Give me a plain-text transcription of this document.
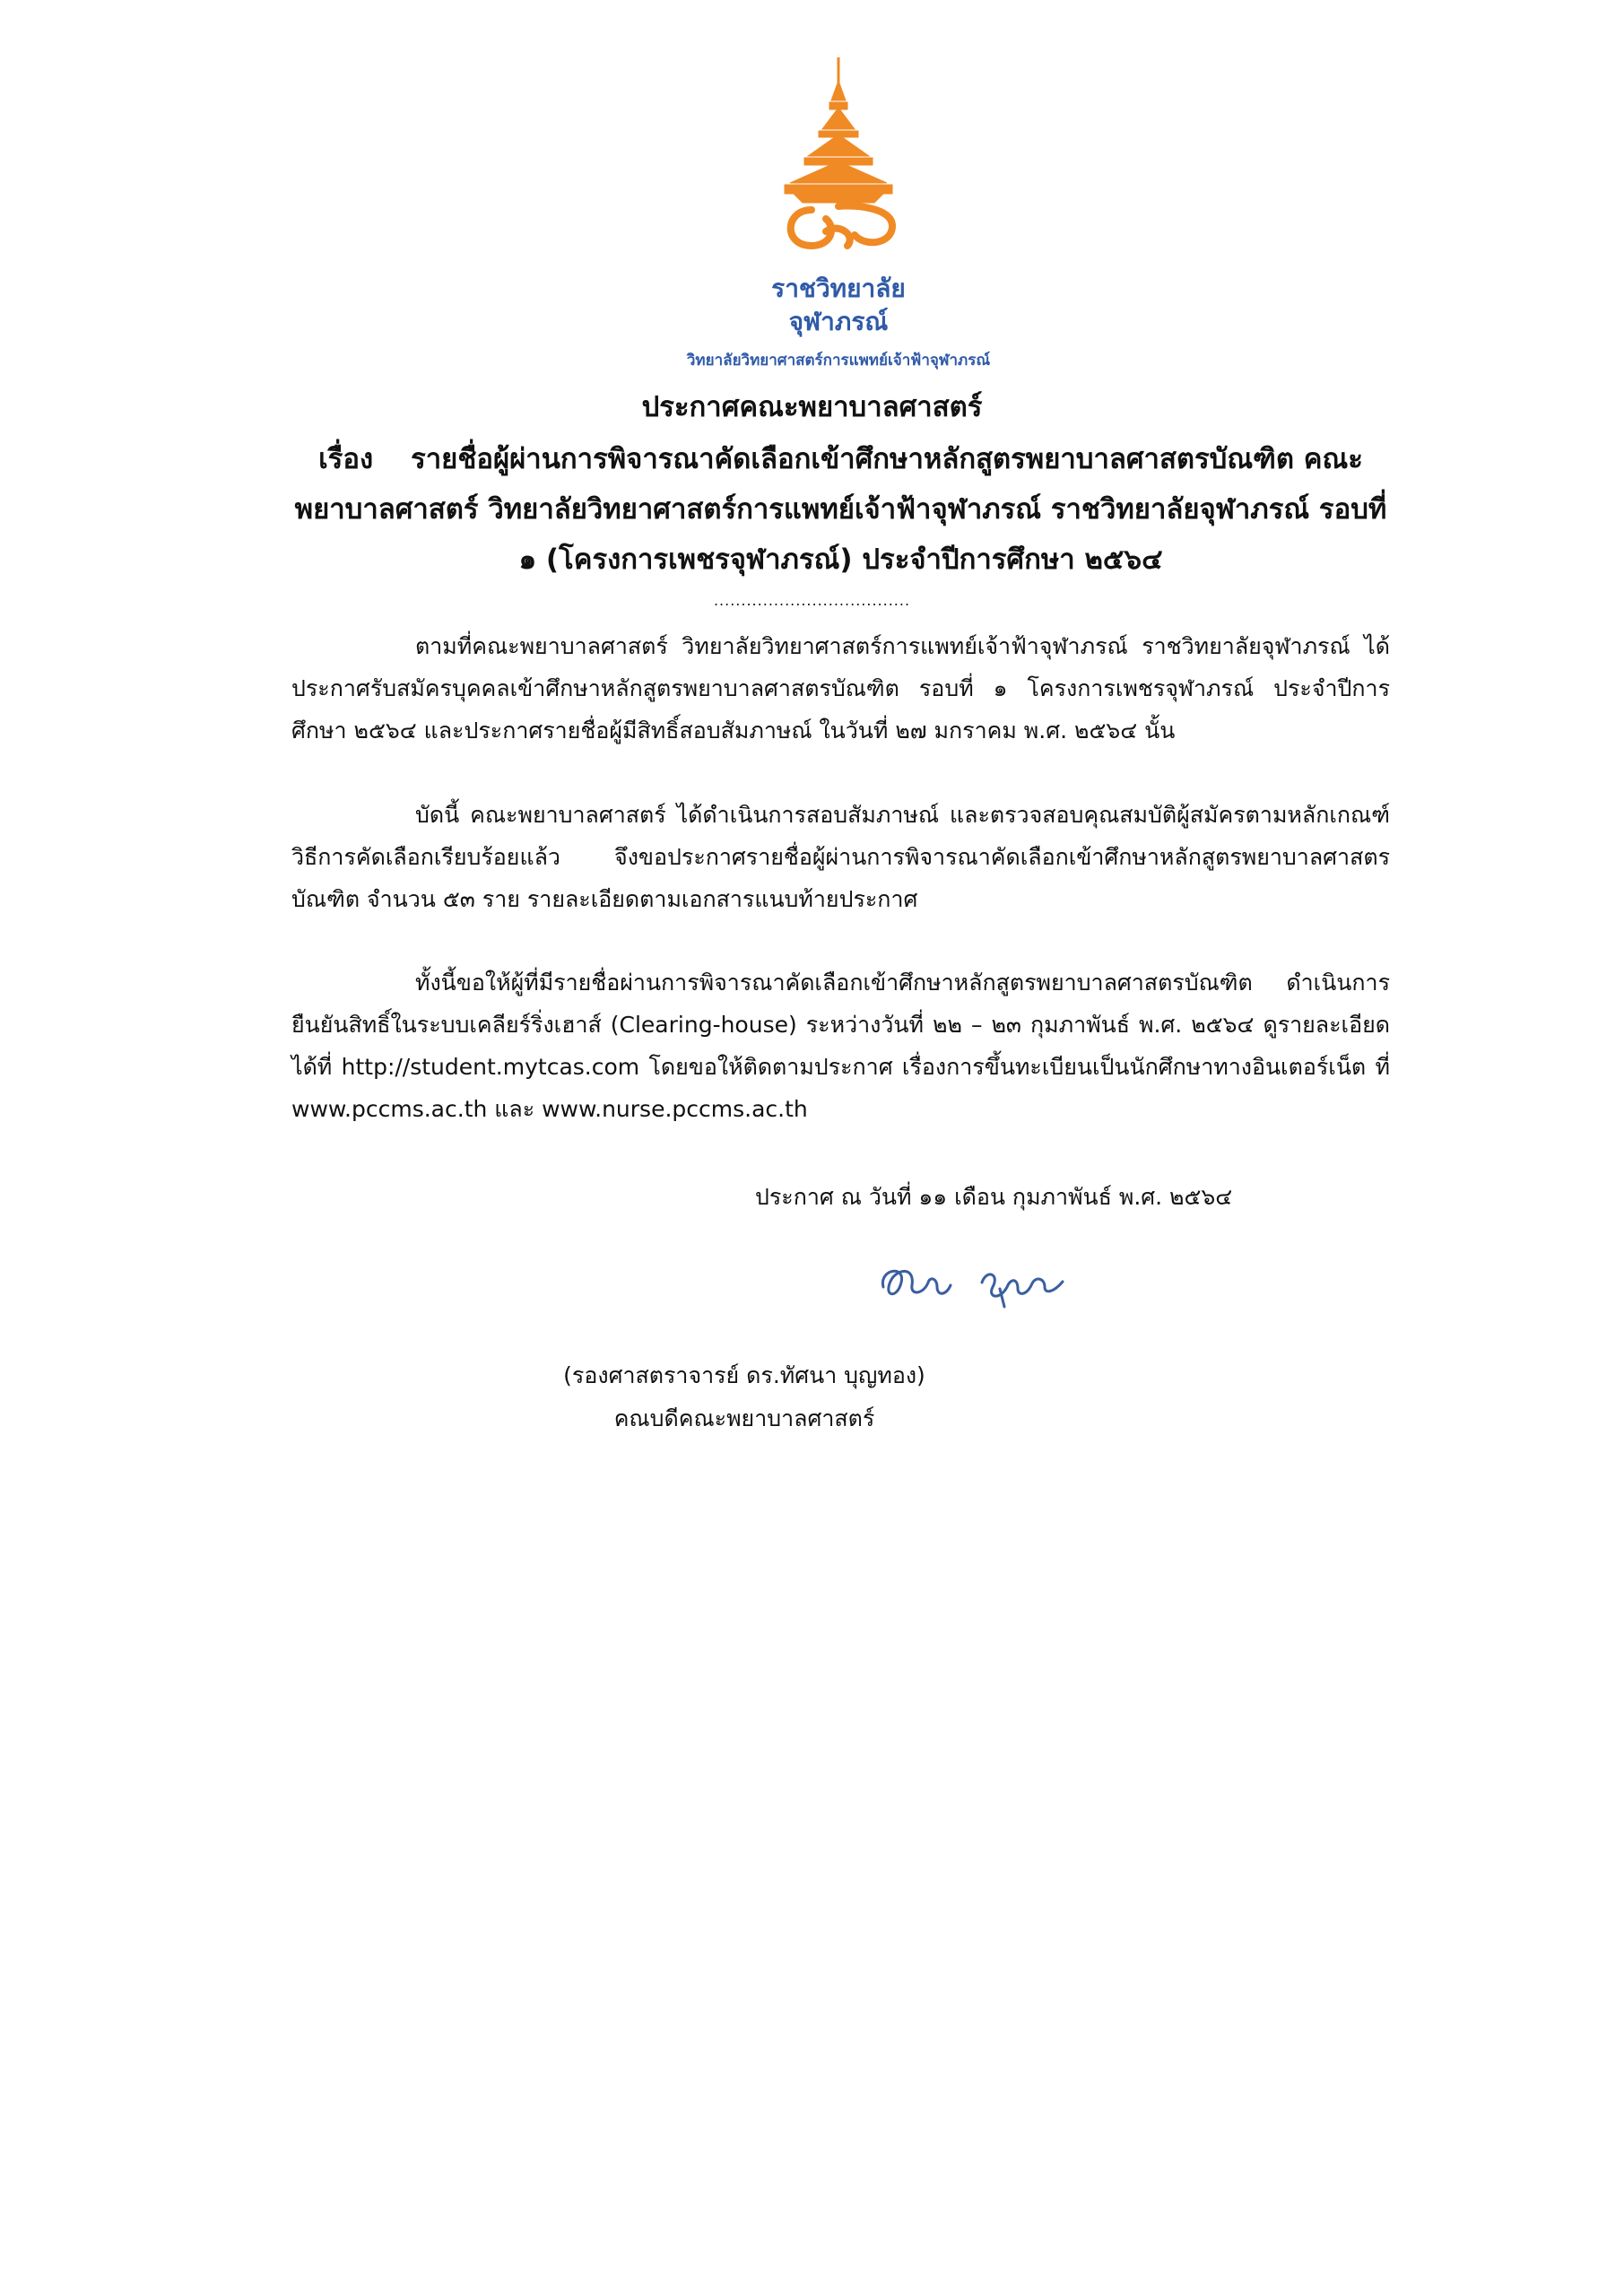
ราชวิทยาลัย
จุฬาภรณ์
วิทยาลัยวิทยาศาสตร์การแพทย์เจ้าฟ้าจุฬาภรณ์
ประกาศคณะพยาบาลศาสตร์
เรื่อง รายชื่อผู้ผ่านการพิจารณาคัดเลือกเข้าศึกษาหลักสูตรพยาบาลศาสตรบัณฑิต คณะพยาบาลศาสตร์ วิทยาลัยวิทยาศาสตร์การแพทย์เจ้าฟ้าจุฬาภรณ์ ราชวิทยาลัยจุฬาภรณ์ รอบที่ ๑ (โครงการเพชรจุฬาภรณ์) ประจำปีการศึกษา ๒๕๖๔
....................................
ตามที่คณะพยาบาลศาสตร์ วิทยาลัยวิทยาศาสตร์การแพทย์เจ้าฟ้าจุฬาภรณ์ ราชวิทยาลัยจุฬาภรณ์ ได้ประกาศรับสมัครบุคคลเข้าศึกษาหลักสูตรพยาบาลศาสตรบัณฑิต รอบที่ ๑ โครงการเพชรจุฬาภรณ์ ประจำปีการศึกษา ๒๕๖๔ และประกาศรายชื่อผู้มีสิทธิ์สอบสัมภาษณ์ ในวันที่ ๒๗ มกราคม พ.ศ. ๒๕๖๔ นั้น
บัดนี้ คณะพยาบาลศาสตร์ ได้ดำเนินการสอบสัมภาษณ์ และตรวจสอบคุณสมบัติผู้สมัครตามหลักเกณฑ์วิธีการคัดเลือกเรียบร้อยแล้ว จึงขอประกาศรายชื่อผู้ผ่านการพิจารณาคัดเลือกเข้าศึกษาหลักสูตรพยาบาลศาสตรบัณฑิต จำนวน ๕๓ ราย รายละเอียดตามเอกสารแนบท้ายประกาศ
ทั้งนี้ขอให้ผู้ที่มีรายชื่อผ่านการพิจารณาคัดเลือกเข้าศึกษาหลักสูตรพยาบาลศาสตรบัณฑิต ดำเนินการยืนยันสิทธิ์ในระบบเคลียร์ริ่งเฮาส์ (Clearing-house) ระหว่างวันที่ ๒๒ – ๒๓ กุมภาพันธ์ พ.ศ. ๒๕๖๔ ดูรายละเอียดได้ที่ http://student.mytcas.com โดยขอให้ติดตามประกาศ เรื่องการขึ้นทะเบียนเป็นนักศึกษาทางอินเตอร์เน็ต ที่ www.pccms.ac.th และ www.nurse.pccms.ac.th
ประกาศ ณ วันที่ ๑๑ เดือน กุมภาพันธ์ พ.ศ. ๒๕๖๔
(รองศาสตราจารย์ ดร.ทัศนา บุญทอง)
คณบดีคณะพยาบาลศาสตร์
